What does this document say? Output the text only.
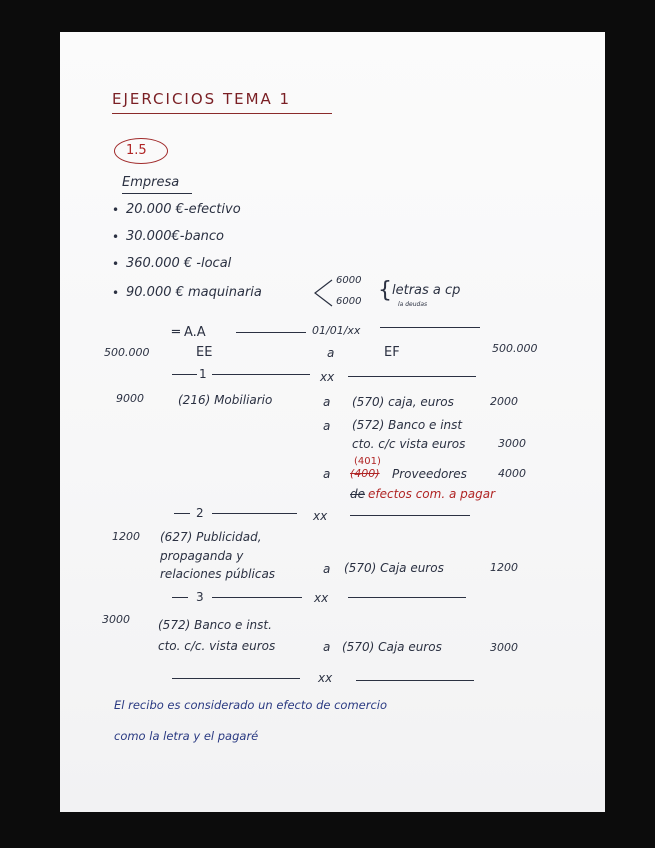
EJERCICIOS TEMA 1
1.5
Empresa
• 20.000 €-efectivo
• 30.000€-banco
• 360.000 € -local
• 90.000 € maquinaria
6000
6000 { letras a cp
la deudas
═ A.A	01/01/xx
500.000	EE	a	EF	500.000
1	xx
9000	(216) Mobiliario	a (570) caja, euros	2000
a (572) Banco e inst
cto. c/c vista euros	3000
(401)
a (400) Proveedores	4000
de efectos com. a pagar
2	xx
1200 (627) Publicidad,
propaganda y
relaciones públicas	a (570) Caja euros	1200
3	xx
3000 (572) Banco e inst.
cto. c/c. vista euros	a (570) Caja euros	3000
xx
El recibo es considerado un efecto de comercio
como la letra y el pagaré
